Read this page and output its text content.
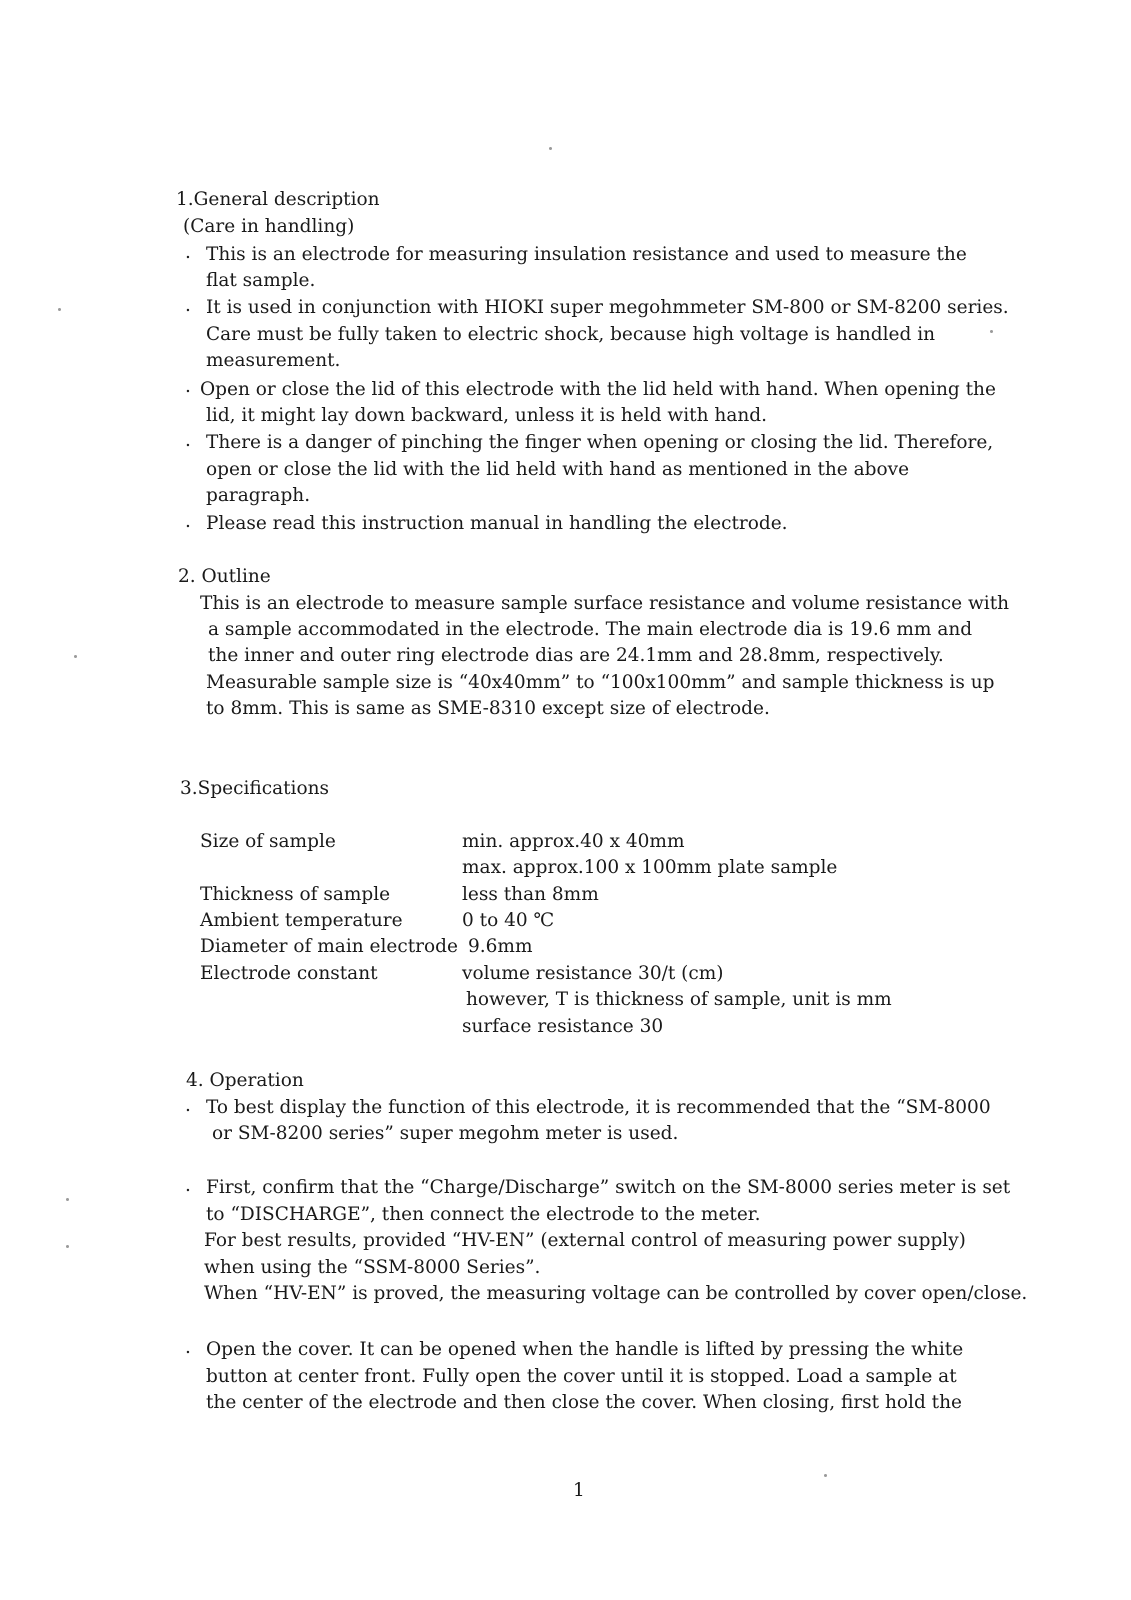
1.General description
(Care in handling)
. This is an electrode for measuring insulation resistance and used to measure the
flat sample.
. It is used in conjunction with HIOKI super megohmmeter SM-800 or SM-8200 series.
Care must be fully taken to electric shock, because high voltage is handled in
measurement.
. Open or close the lid of this electrode with the lid held with hand. When opening the
lid, it might lay down backward, unless it is held with hand.
. There is a danger of pinching the finger when opening or closing the lid. Therefore,
open or close the lid with the lid held with hand as mentioned in the above
paragraph.
. Please read this instruction manual in handling the electrode.
2. Outline
This is an electrode to measure sample surface resistance and volume resistance with
a sample accommodated in the electrode. The main electrode dia is 19.6 mm and
the inner and outer ring electrode dias are 24.1mm and 28.8mm, respectively.
Measurable sample size is “40x40mm” to “100x100mm” and sample thickness is up
to 8mm. This is same as SME-8310 except size of electrode.
3.Specifications
Size of sample	min. approx.40 x 40mm
max. approx.100 x 100mm plate sample
Thickness of sample	less than 8mm
Ambient temperature	0 to 40 ℃
Diameter of main electrode 9.6mm
Electrode constant	volume resistance 30/t (cm)
however, T is thickness of sample, unit is mm
surface resistance 30
4. Operation
. To best display the function of this electrode, it is recommended that the “SM-8000
or SM-8200 series” super megohm meter is used.
. First, confirm that the “Charge/Discharge” switch on the SM-8000 series meter is set
to “DISCHARGE”, then connect the electrode to the meter.
For best results, provided “HV-EN” (external control of measuring power supply)
when using the “SSM-8000 Series”.
When “HV-EN” is proved, the measuring voltage can be controlled by cover open/close.
. Open the cover. It can be opened when the handle is lifted by pressing the white
button at center front. Fully open the cover until it is stopped. Load a sample at
the center of the electrode and then close the cover. When closing, first hold the
1
